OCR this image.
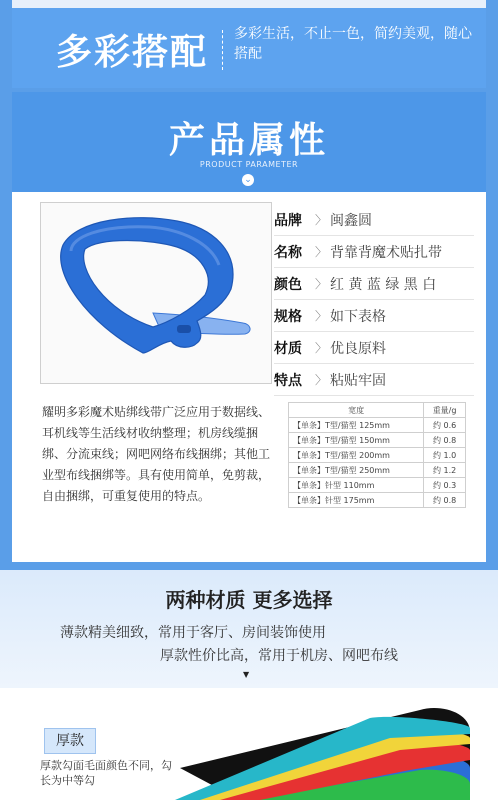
多彩搭配 多彩生活，不止一色，简约美观，随心搭配
产品属性
PRODUCT PARAMETER
⌄
品牌	〉 闽鑫圆
名称	〉 背靠背魔术贴扎带
颜色	〉 红 黄 蓝 绿 黑 白
规格	〉 如下表格
材质	〉 优良原料
特点	〉 粘贴牢固
耀明多彩魔术贴绑线带广泛应用于数据线、耳机线等生活线材收纳整理；机房线缆捆绑、分流束线；网吧网络布线捆绑；其他工业型布线捆绑等。具有使用简单，免剪裁，自由捆绑，可重复使用的特点。
宽度	重量/g
【单条】T型/猫型 125mm	约 0.6
【单条】T型/猫型 150mm	约 0.8
【单条】T型/猫型 200mm	约 1.0
【单条】T型/猫型 250mm	约 1.2
【单条】针型 110mm	约 0.3
【单条】针型 175mm	约 0.8
两种材质 更多选择
薄款精美细致，常用于客厅、房间装饰使用
厚款性价比高，常用于机房、网吧布线
▼
厚款
厚款勾面毛面颜色不同，勾长为中等勾
